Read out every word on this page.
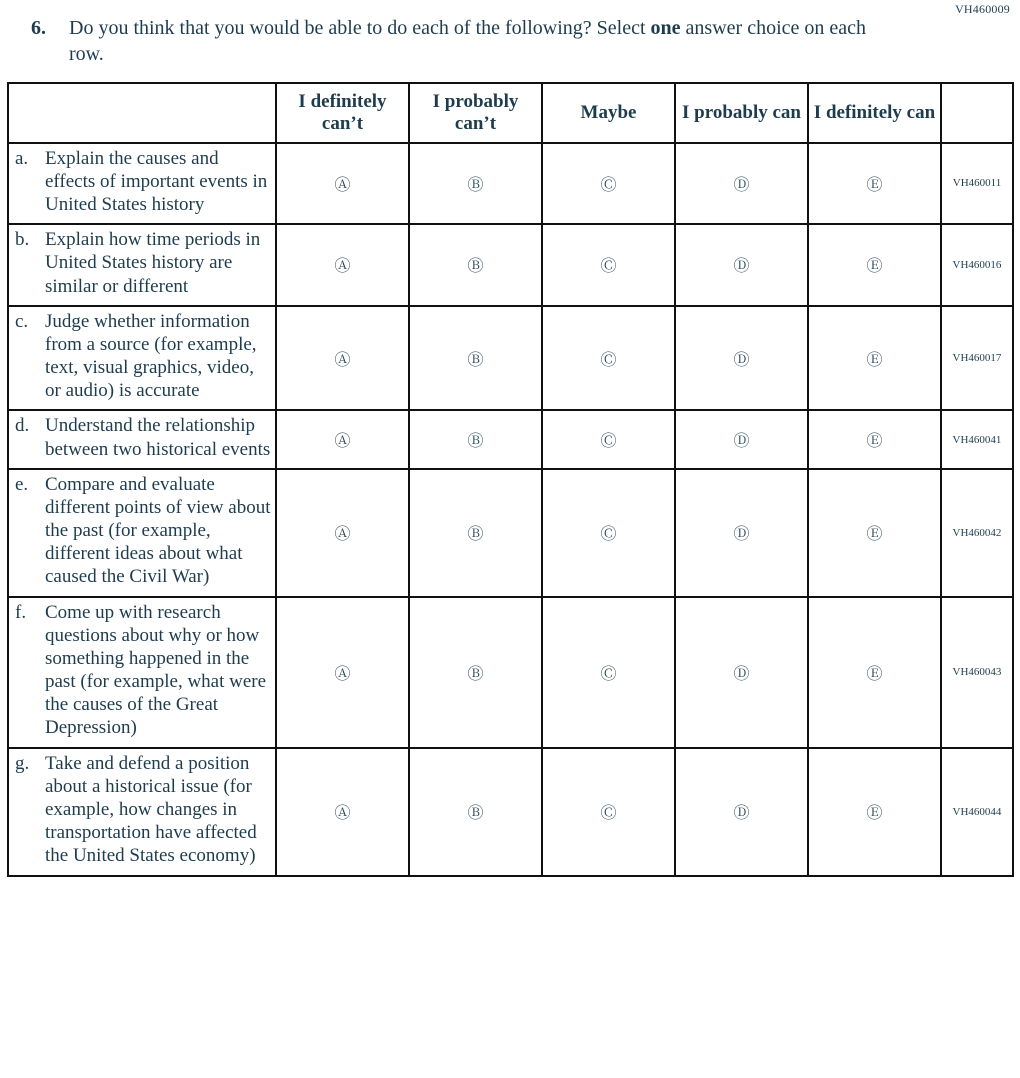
VH460009
6.	Do you think that you would be able to do each of the following? Select one answer choice on each row.
	I definitely can’t	I probably can’t	Maybe	I probably can	I definitely can	

a. Explain the causes and effects of important events in United States history	Ⓐ	Ⓑ	Ⓒ	Ⓓ	Ⓔ	VH460011

b. Explain how time periods in United States history are similar or different	Ⓐ	Ⓑ	Ⓒ	Ⓓ	Ⓔ	VH460016

c. Judge whether information from a source (for example, text, visual graphics, video, or audio) is accurate	Ⓐ	Ⓑ	Ⓒ	Ⓓ	Ⓔ	VH460017

d. Understand the relationship between two historical events	Ⓐ	Ⓑ	Ⓒ	Ⓓ	Ⓔ	VH460041

e. Compare and evaluate different points of view about the past (for example, different ideas about what caused the Civil War)	Ⓐ	Ⓑ	Ⓒ	Ⓓ	Ⓔ	VH460042

f. Come up with research questions about why or how something happened in the past (for example, what were the causes of the Great Depression)	Ⓐ	Ⓑ	Ⓒ	Ⓓ	Ⓔ	VH460043

g. Take and defend a position about a historical issue (for example, how changes in transportation have affected the United States economy)	Ⓐ	Ⓑ	Ⓒ	Ⓓ	Ⓔ	VH460044
